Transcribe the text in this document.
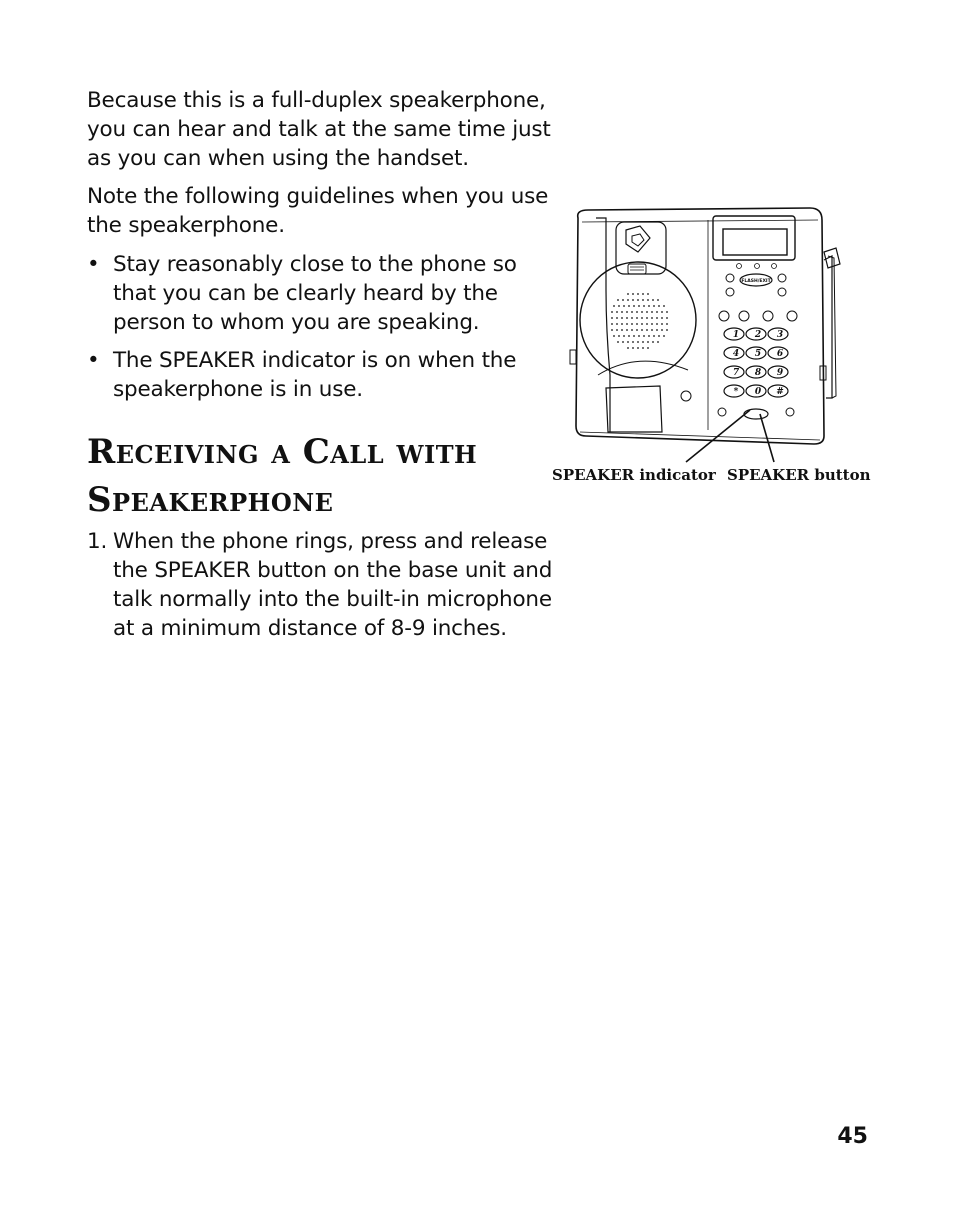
Because this is a full-duplex speakerphone, you can hear and talk at the same time just as you can when using the handset.

Note the following guidelines when you use the speakerphone.

• Stay reasonably close to the phone so that you can be clearly heard by the person to whom you are speaking.
• The SPEAKER indicator is on when the speakerphone is in use.
Receiving a Call with Speakerphone
1. When the phone rings, press and release the SPEAKER button on the base unit and talk normally into the built-in microphone at a minimum distance of 8-9 inches.
FLASH/EXIT
1 2 3
4 5 6
7 8 9
* 0 #
SPEAKER indicator SPEAKER button
45
